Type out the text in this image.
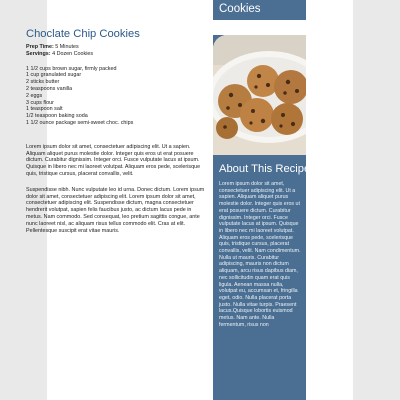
Choclate Chip Cookies
Prep Time: 5 Minutes
Servings: 4 Dozen Cookies
1 1/2 cups brown sugar, firmly packed
1 cup granulated sugar
2 sticks butter
2 teaspoons vanilla
2 eggs
3 cups flour
1 teaspoon salt
1/2 teaspoon baking soda
1 1/2 ounce package semi-sweet choc. chips

Lorem ipsum dolor sit amet, consectetuer adipiscing elit. Ut a sapien. Aliquam aliquet purus molestie dolor. Integer quis eros ut erat posuere dictum. Curabitur dignissim. Integer orci. Fusce vulputate lacus at ipsum. Quisque in libero nec mi laoreet volutpat. Aliquam eros pede, scelerisque quis, tristique cursus, placerat convallis, velit.

Suspendisse nibh. Nunc vulputate leo id urna. Donec dictum. Lorem ipsum dolor sit amet, consectetuer adipiscing elit. Lorem ipsum dolor sit amet, consectetuer adipiscing elit. Suspendisse dictum, magna consectetuer hendrerit volutpat, sapien felis faucibus justo, ac dictum lacus pede in metus. Nam commodo. Sed consequat, leo pretium sagittis congue, ante nunc laoreet nisl, ac aliquam risus tellus commodo elit. Cras at elit. Pellentesque suscipit erat vitae mauris.

Cookies
About This Recipe
Lorem ipsum dolor sit amet, consectetuer adipiscing elit. Ut a sapien. Aliquam aliquet purus molestie dolor. Integer quis eros ut erat posuere dictum. Curabitur dignissim. Integer orci. Fusce vulputate lacus at ipsum. Quisque in libero nec mi laoreet volutpat. Aliquam eros pede, scelerisque quis, tristique cursus, placerat convallis, velit. Nam condimentum. Nulla ut mauris. Curabitur adipiscing, mauris non dictum aliquam, arcu risus dapibus diam, nec sollicitudin quam erat quis ligula. Aenean massa nulla, volutpat eu, accumsan et, fringilla eget, odio. Nulla placerat porta justo. Nulla vitae turpis. Praesent lacus.Quisque lobortis euismod metus. Nam ante. Nulla fermentum, risus non
